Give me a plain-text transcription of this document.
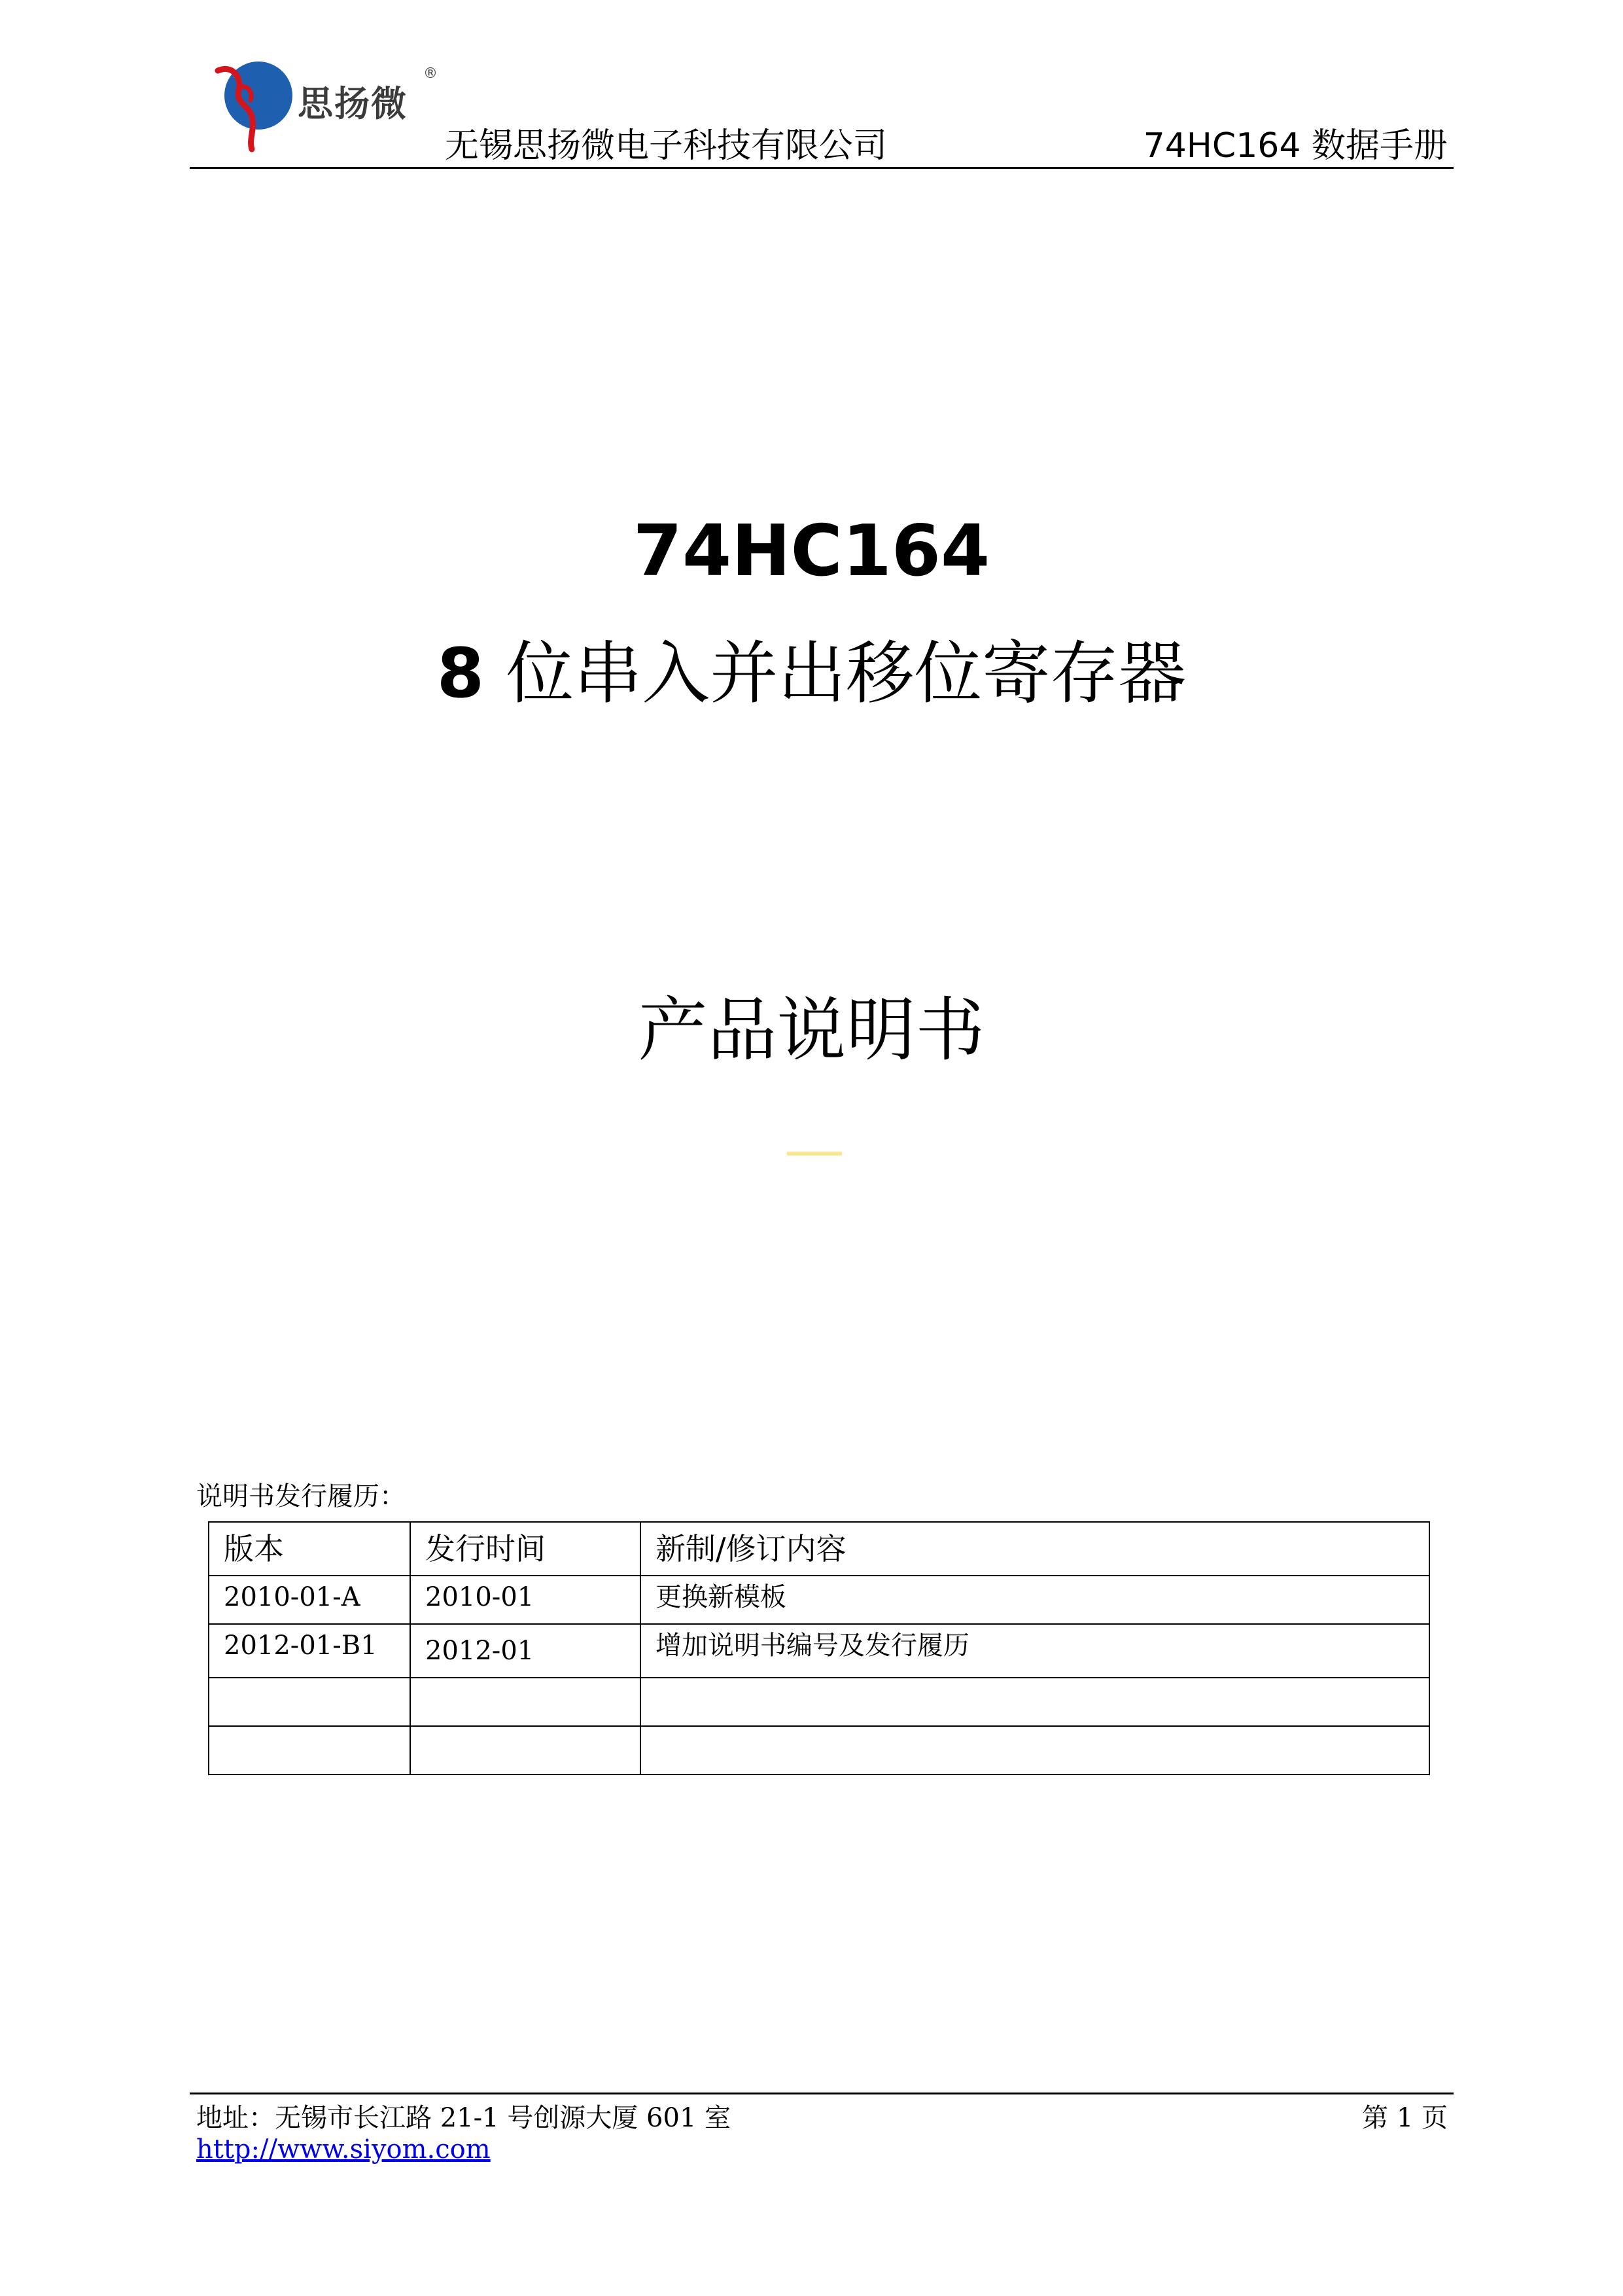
思扬微
®
无锡思扬微电子科技有限公司	74HC164 数据手册
74HC164
8 位串入并出移位寄存器
产品说明书
说明书发行履历：
版本	发行时间	新制/修订内容
2010-01-A	2010-01	更换新模板
2012-01-B1	2012-01	增加说明书编号及发行履历

地址：无锡市长江路 21-1 号创源大厦 601 室	第 1 页
http://www.siyom.com
